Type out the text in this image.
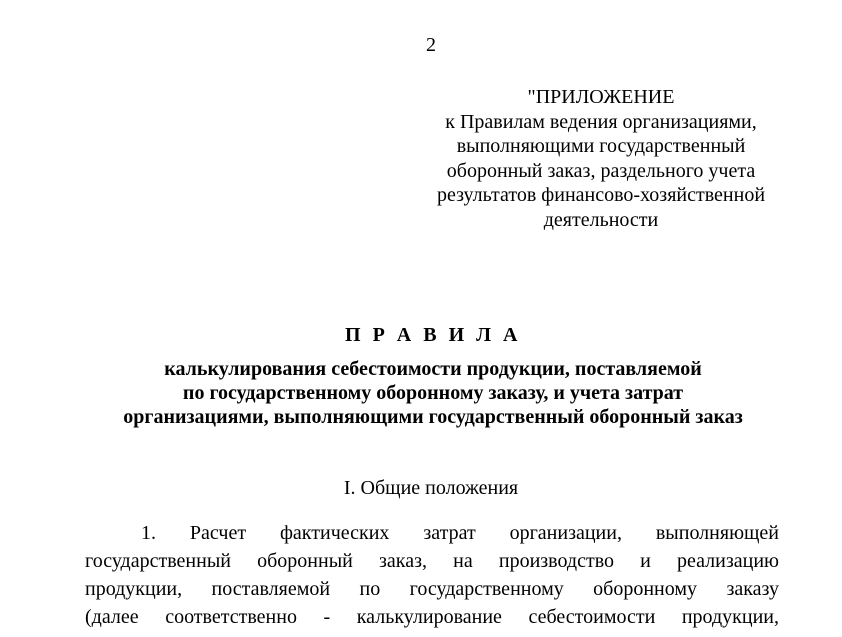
2
"ПРИЛОЖЕНИЕ
к Правилам ведения организациями,
выполняющими государственный
оборонный заказ, раздельного учета
результатов финансово-хозяйственной
деятельности
П Р А В И Л А
калькулирования себестоимости продукции, поставляемой
по государственному оборонному заказу, и учета затрат
организациями, выполняющими государственный оборонный заказ
I. Общие положения
1. Расчет фактических затрат организации, выполняющей
государственный оборонный заказ, на производство и реализацию
продукции, поставляемой по государственному оборонному заказу
(далее соответственно - калькулирование себестоимости продукции,
